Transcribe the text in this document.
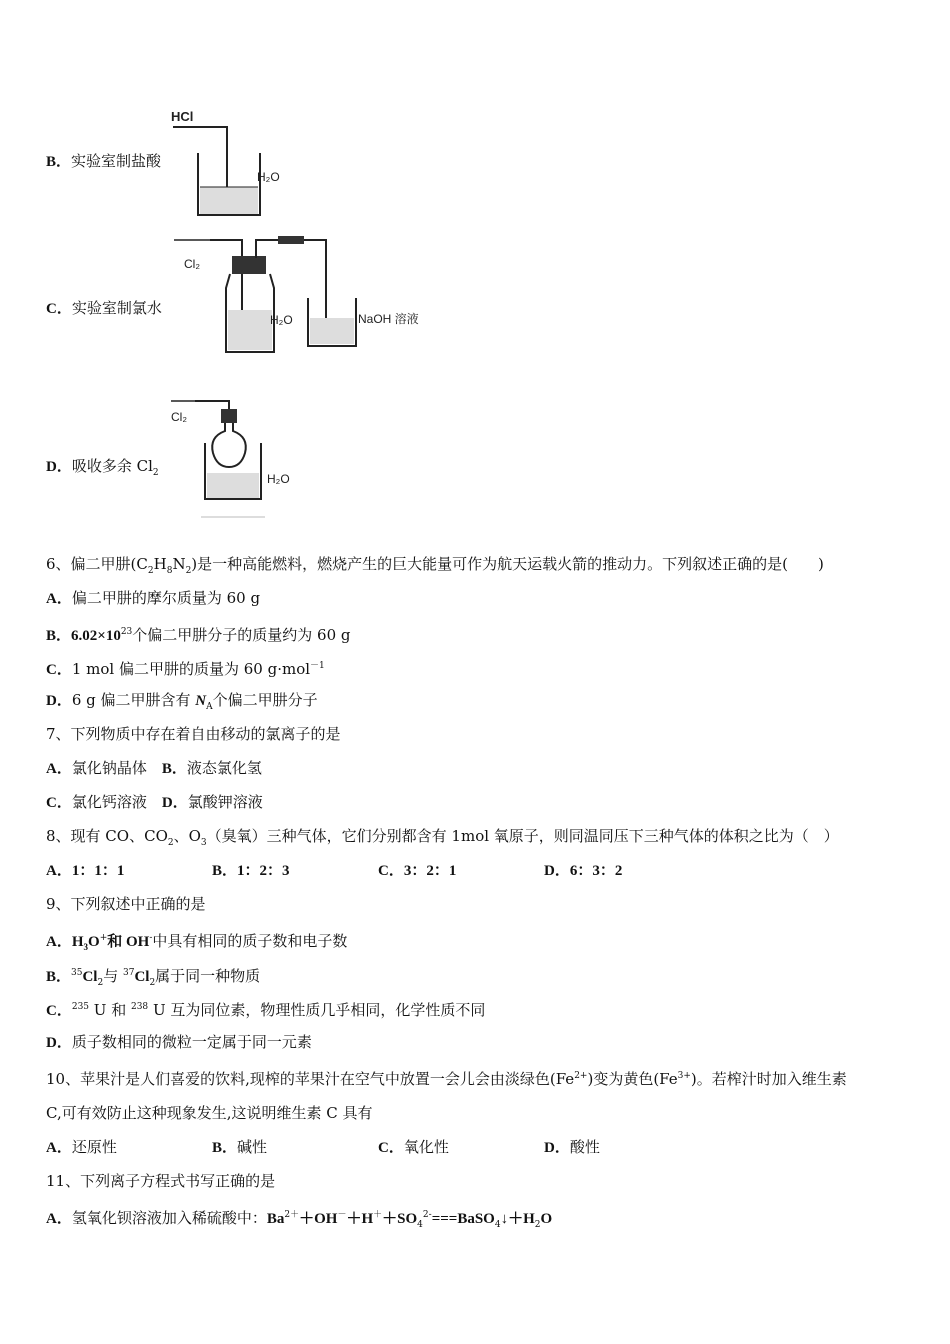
B．实验室制盐酸
HCl
H₂O
C．实验室制氯水
Cl₂
H₂O	NaOH 溶液
D．吸收多余 $Cl_2$
Cl₂
H₂O
6、偏二甲肼$(C_2H_8N_2)$是一种高能燃料，燃烧产生的巨大能量可作为航天运载火箭的推动力。下列叙述正确的是(　　)
A．偏二甲肼的摩尔质量为 60 g
B．$6.02\times 10^{23}$个偏二甲肼分子的质量约为 60 g
C．1 mol 偏二甲肼的质量为 60 g·mol$^{-1}$
D．6 g 偏二甲肼含有 $N_A$个偏二甲肼分子
7、下列物质中存在着自由移动的氯离子的是
A．氯化钠晶体　 B．液态氯化氢
C．氯化钙溶液　 D．氯酸钾溶液
8、现有 CO、$CO_2$、$O_3$（臭氧）三种气体，它们分别都含有 1mol 氧原子，则同温同压下三种气体的体积之比为（　）
A．1：1：1	B．1：2：3	C．3：2：1	D．6：3：2
9、下列叙述中正确的是
A．$H_3O^+$和 OH-中具有相同的质子数和电子数
B．$^{35}Cl_2$与 $^{37}Cl_2$属于同一种物质
C．$^{235}$ U 和 $^{238}$ U 互为同位素，物理性质几乎相同，化学性质不同
D．质子数相同的微粒一定属于同一元素
10、苹果汁是人们喜爱的饮料,现榨的苹果汁在空气中放置一会儿会由淡绿色$(Fe^{2+})$变为黄色$(Fe^{3+})$。若榨汁时加入维生素
C,可有效防止这种现象发生,这说明维生素 C 具有
A．还原性	B．碱性	C．氧化性	D．酸性
11、下列离子方程式书写正确的是
A．氢氧化钡溶液加入稀硫酸中：$Ba^{2+}+OH^-+H^++SO_4^{2-}===BaSO_4↓+H_2O$
